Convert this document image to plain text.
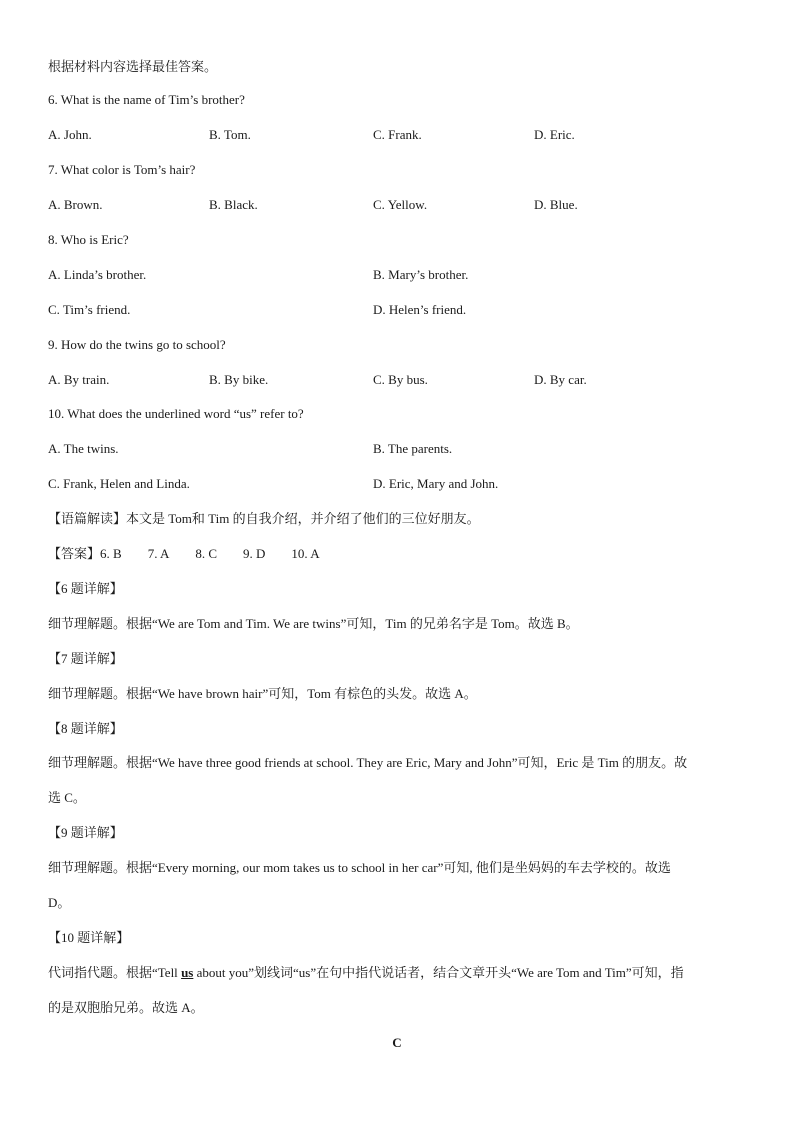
根据材料内容选择最佳答案。
6. What is the name of Tim’s brother?
A. John.	B. Tom.	C. Frank.	D. Eric.
7. What color is Tom’s hair?
A. Brown.	B. Black.	C. Yellow.	D. Blue.
8. Who is Eric?
A. Linda’s brother.	B. Mary’s brother.
C. Tim’s friend.	D. Helen’s friend.
9. How do the twins go to school?
A. By train.	B. By bike.	C. By bus.	D. By car.
10. What does the underlined word “us” refer to?
A. The twins.	B. The parents.
C. Frank, Helen and Linda.	D. Eric, Mary and John.
【语篇解读】本文是 Tom和 Tim 的自我介绍，并介绍了他们的三位好朋友。
【答案】6. B 7. A 8. C 9. D 10. A
【6 题详解】
细节理解题。根据“We are Tom and Tim. We are twins”可知，Tim 的兄弟名字是 Tom。故选 B。
【7 题详解】
细节理解题。根据“We have brown hair”可知，Tom 有棕色的头发。故选 A。
【8 题详解】
细节理解题。根据“We have three good friends at school. They are Eric, Mary and John”可知，Eric 是 Tim 的朋友。故
选 C。
【9 题详解】
细节理解题。根据“Every morning, our mom takes us to school in her car”可知, 他们是坐妈妈的车去学校的。故选
D。
【10 题详解】
代词指代题。根据“Tell us about you”划线词“us”在句中指代说话者，结合文章开头“We are Tom and Tim”可知，指
的是双胞胎兄弟。故选 A。
C
